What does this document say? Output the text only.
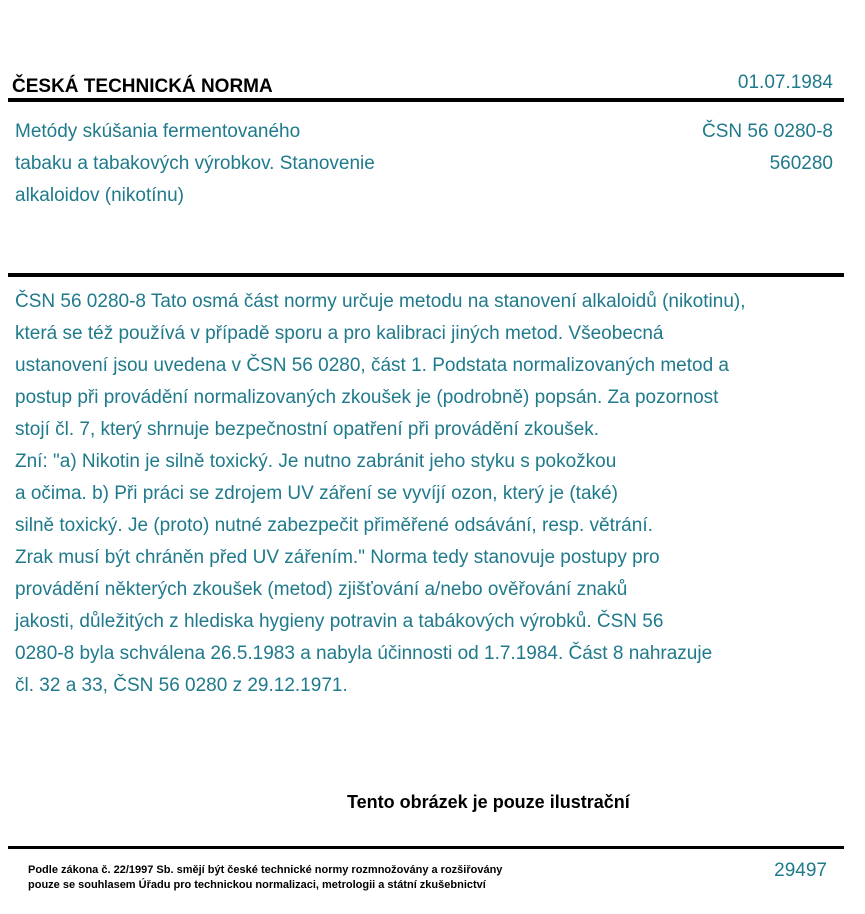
ČESKÁ TECHNICKÁ NORMA	01.07.1984
Metódy skúšania fermentovaného
tabaku a tabakových výrobkov. Stanovenie
alkaloidov (nikotínu)
ČSN 56 0280-8
560280
ČSN 56 0280-8 Tato osmá část normy určuje metodu na stanovení alkaloidů (nikotinu),
která se též používá v případě sporu a pro kalibraci jiných metod. Všeobecná
ustanovení jsou uvedena v ČSN 56 0280, část 1. Podstata normalizovaných metod a
postup při provádění normalizovaných zkoušek je (podrobně) popsán. Za pozornost
stojí čl. 7, který shrnuje bezpečnostní opatření při provádění zkoušek.
Zní: "a) Nikotin je silně toxický. Je nutno zabránit jeho styku s pokožkou
a očima. b) Při práci se zdrojem UV záření se vyvíjí ozon, který je (také)
silně toxický. Je (proto) nutné zabezpečit přiměřené odsávání, resp. větrání.
Zrak musí být chráněn před UV zářením." Norma tedy stanovuje postupy pro
provádění některých zkoušek (metod) zjišťování a/nebo ověřování znaků
jakosti, důležitých z hlediska hygieny potravin a tabákových výrobků. ČSN 56
0280-8 byla schválena 26.5.1983 a nabyla účinnosti od 1.7.1984. Část 8 nahrazuje
čl. 32 a 33, ČSN 56 0280 z 29.12.1971.
Tento obrázek je pouze ilustrační
Podle zákona č. 22/1997 Sb. smějí být české technické normy rozmnožovány a rozšiřovány
pouze se souhlasem Úřadu pro technickou normalizaci, metrologii a státní zkušebnictví
29497
